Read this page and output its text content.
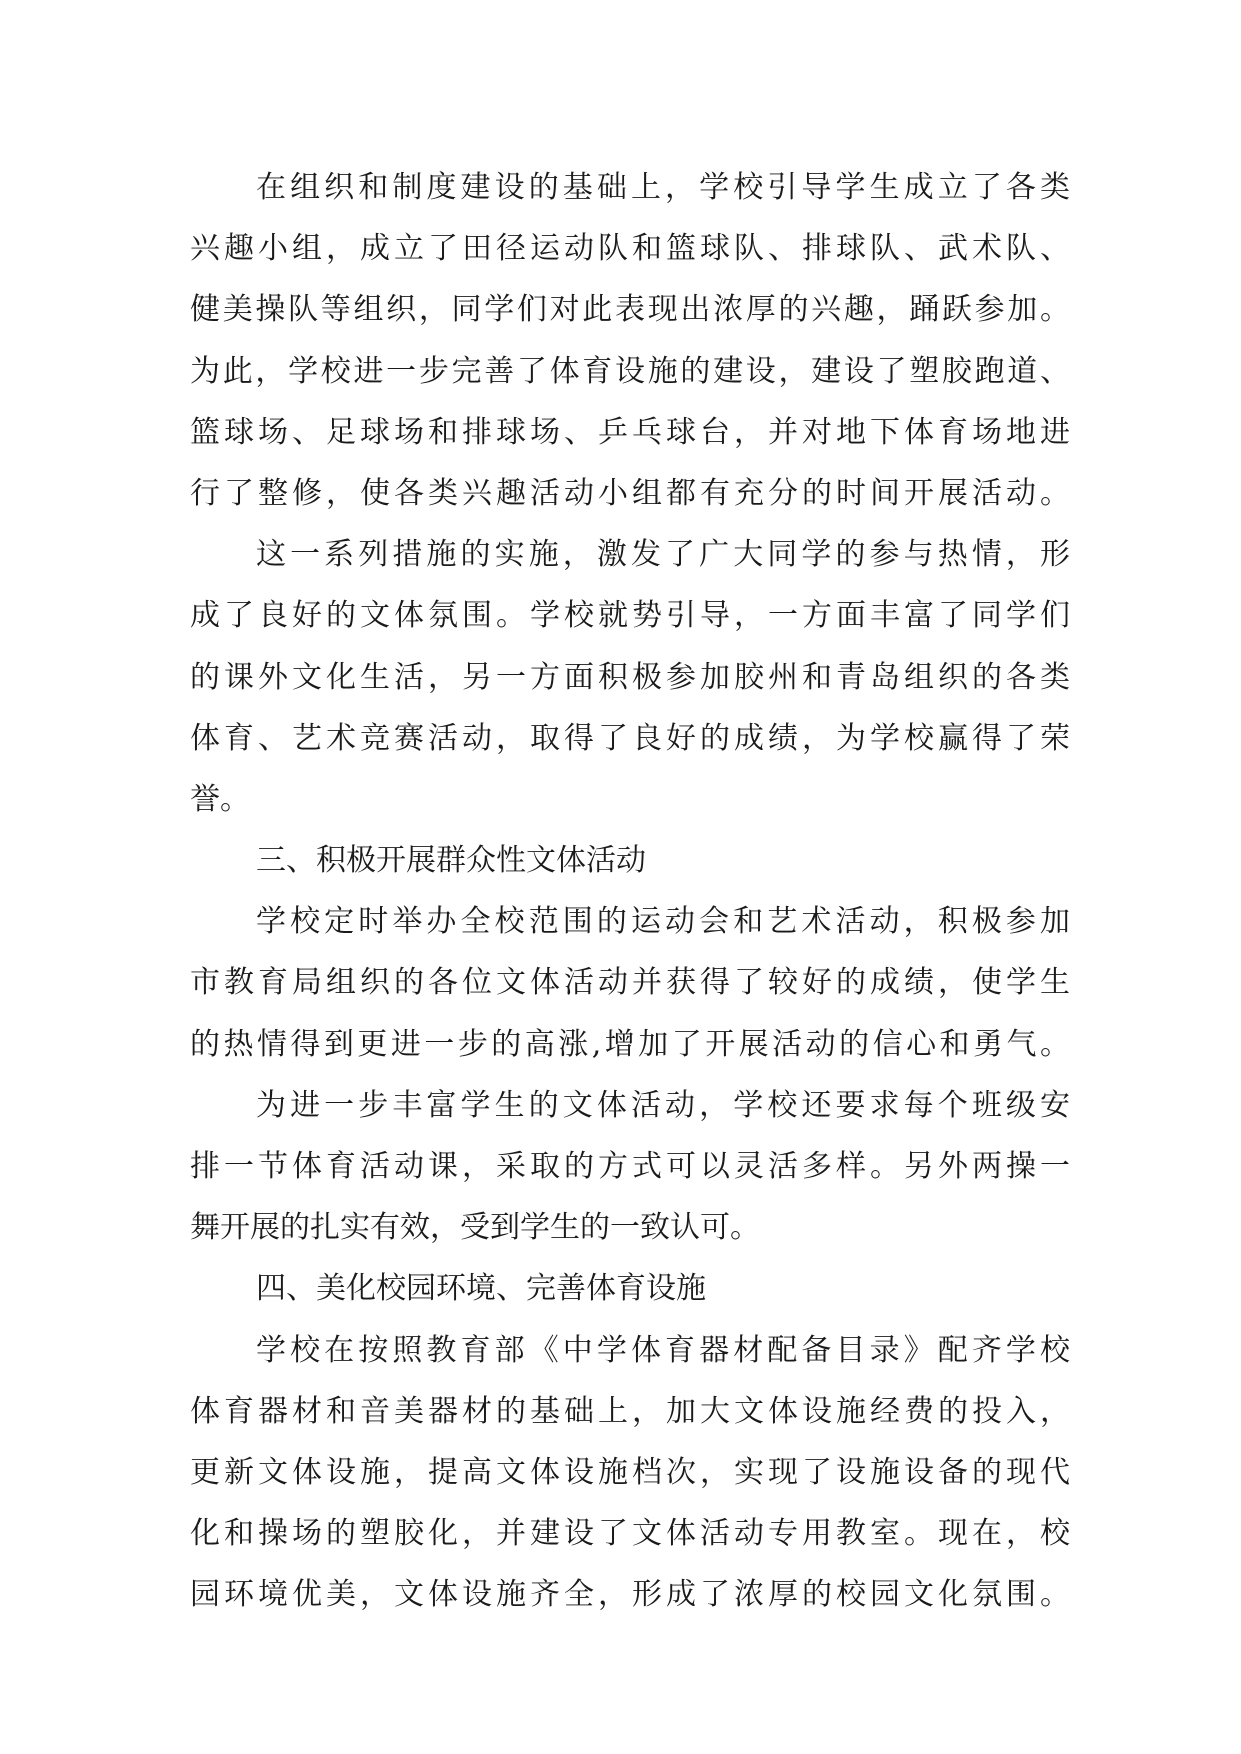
在组织和制度建设的基础上，学校引导学生成立了各类
兴趣小组，成立了田径运动队和篮球队、排球队、武术队、
健美操队等组织，同学们对此表现出浓厚的兴趣，踊跃参加。
为此，学校进一步完善了体育设施的建设，建设了塑胶跑道、
篮球场、足球场和排球场、乒乓球台，并对地下体育场地进
行了整修，使各类兴趣活动小组都有充分的时间开展活动。
这一系列措施的实施，激发了广大同学的参与热情，形
成了良好的文体氛围。学校就势引导，一方面丰富了同学们
的课外文化生活，另一方面积极参加胶州和青岛组织的各类
体育、艺术竞赛活动，取得了良好的成绩，为学校赢得了荣
誉。
三、积极开展群众性文体活动
学校定时举办全校范围的运动会和艺术活动，积极参加
市教育局组织的各位文体活动并获得了较好的成绩，使学生
的热情得到更进一步的高涨,增加了开展活动的信心和勇气。
为进一步丰富学生的文体活动，学校还要求每个班级安
排一节体育活动课，采取的方式可以灵活多样。另外两操一
舞开展的扎实有效，受到学生的一致认可。
四、美化校园环境、完善体育设施
学校在按照教育部《中学体育器材配备目录》配齐学校
体育器材和音美器材的基础上，加大文体设施经费的投入，
更新文体设施，提高文体设施档次，实现了设施设备的现代
化和操场的塑胶化，并建设了文体活动专用教室。现在，校
园环境优美，文体设施齐全，形成了浓厚的校园文化氛围。
